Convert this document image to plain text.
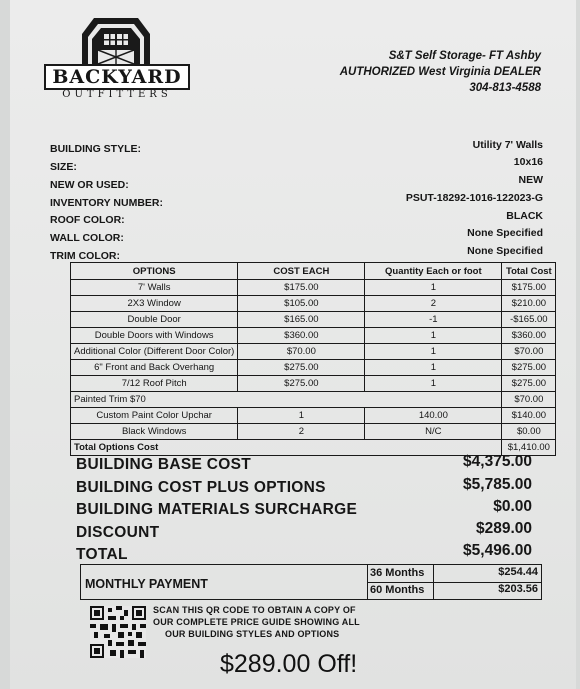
BACKYARD
OUTFITTERS
S&T Self Storage- FT Ashby
AUTHORIZED West Virginia DEALER
304-813-4588
BUILDING STYLE:	Utility 7' Walls
SIZE:	10x16
NEW OR USED:	NEW
INVENTORY NUMBER:	PSUT-18292-1016-122023-G
ROOF COLOR:	BLACK
WALL COLOR:	None Specified
TRIM COLOR:	None Specified
OPTIONS	COST EACH	Quantity Each or foot	Total Cost
7' Walls	$175.00	1	$175.00
2X3 Window	$105.00	2	$210.00
Double Door	$165.00	-1	-$165.00
Double Doors with Windows	$360.00	1	$360.00
Additional Color (Different Door Color)	$70.00	1	$70.00
6" Front and Back Overhang	$275.00	1	$275.00
7/12 Roof Pitch	$275.00	1	$275.00
Painted Trim $70			$70.00
Custom Paint Color Upchar	1	140.00	$140.00
Black Windows	2	N/C	$0.00
Total Options Cost			$1,410.00
BUILDING BASE COST	$4,375.00
BUILDING COST PLUS OPTIONS	$5,785.00
BUILDING MATERIALS SURCHARGE	$0.00
DISCOUNT	$289.00
TOTAL	$5,496.00
MONTHLY PAYMENT
36 Months	$254.44
60 Months	$203.56
SCAN THIS QR CODE TO OBTAIN A COPY OF
OUR COMPLETE PRICE GUIDE SHOWING ALL
OUR BUILDING STYLES AND OPTIONS
$289.00 Off!
